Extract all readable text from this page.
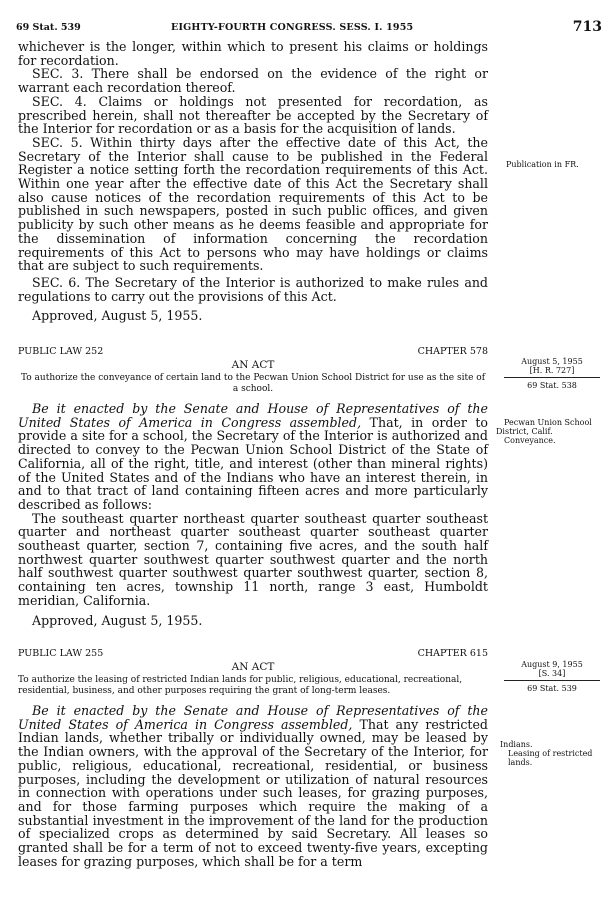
69 Stat. 539	EIGHTY-FOURTH CONGRESS. SESS. I. 1955	713

whichever is the longer, within which to present his claims or holdings for recordation.

SEC. 3. There shall be endorsed on the evidence of the right or warrant each recordation thereof.

SEC. 4. Claims or holdings not presented for recordation, as prescribed herein, shall not thereafter be accepted by the Secretary of the Interior for recordation or as a basis for the acquisition of lands.

SEC. 5. Within thirty days after the effective date of this Act, the Secretary of the Interior shall cause to be published in the Federal Register a notice setting forth the recordation requirements of this Act. Within one year after the effective date of this Act the Secretary shall also cause notices of the recordation requirements of this Act to be published in such newspapers, posted in such public offices, and given publicity by such other means as he deems feasible and appropriate for the dissemination of information concerning the recordation requirements of this Act to persons who may have holdings or claims that are subject to such requirements.

SEC. 6. The Secretary of the Interior is authorized to make rules and regulations to carry out the provisions of this Act.

Approved, August 5, 1955.

Publication in FR.
PUBLIC LAW 252	CHAPTER 578

AN ACT

To authorize the conveyance of certain land to the Pecwan Union School District for use as the site of a school.

Be it enacted by the Senate and House of Representatives of the United States of America in Congress assembled, That, in order to provide a site for a school, the Secretary of the Interior is authorized and directed to convey to the Pecwan Union School District of the State of California, all of the right, title, and interest (other than mineral rights) of the United States and of the Indians who have an interest therein, in and to that tract of land containing fifteen acres and more particularly described as follows:

The southeast quarter northeast quarter southeast quarter southeast quarter and northeast quarter southeast quarter southeast quarter southeast quarter, section 7, containing five acres, and the south half northwest quarter southwest quarter southwest quarter and the north half southwest quarter southwest quarter southwest quarter, section 8, containing ten acres, township 11 north, range 3 east, Humboldt meridian, California.

Approved, August 5, 1955.

August 5, 1955
[H. R. 727]
69 Stat. 538
Pecwan Union School
District, Calif.
Conveyance.
PUBLIC LAW 255	CHAPTER 615

AN ACT

To authorize the leasing of restricted Indian lands for public, religious, educational, recreational, residential, business, and other purposes requiring the grant of long-term leases.

Be it enacted by the Senate and House of Representatives of the United States of America in Congress assembled, That any restricted Indian lands, whether tribally or individually owned, may be leased by the Indian owners, with the approval of the Secretary of the Interior, for public, religious, educational, recreational, residential, or business purposes, including the development or utilization of natural resources in connection with operations under such leases, for grazing purposes, and for those farming purposes which require the making of a substantial investment in the improvement of the land for the production of specialized crops as determined by said Secretary. All leases so granted shall be for a term of not to exceed twenty-five years, excepting leases for grazing purposes, which shall be for a term

August 9, 1955
[S. 34]
69 Stat. 539
Indians.
Leasing of restricted lands.
